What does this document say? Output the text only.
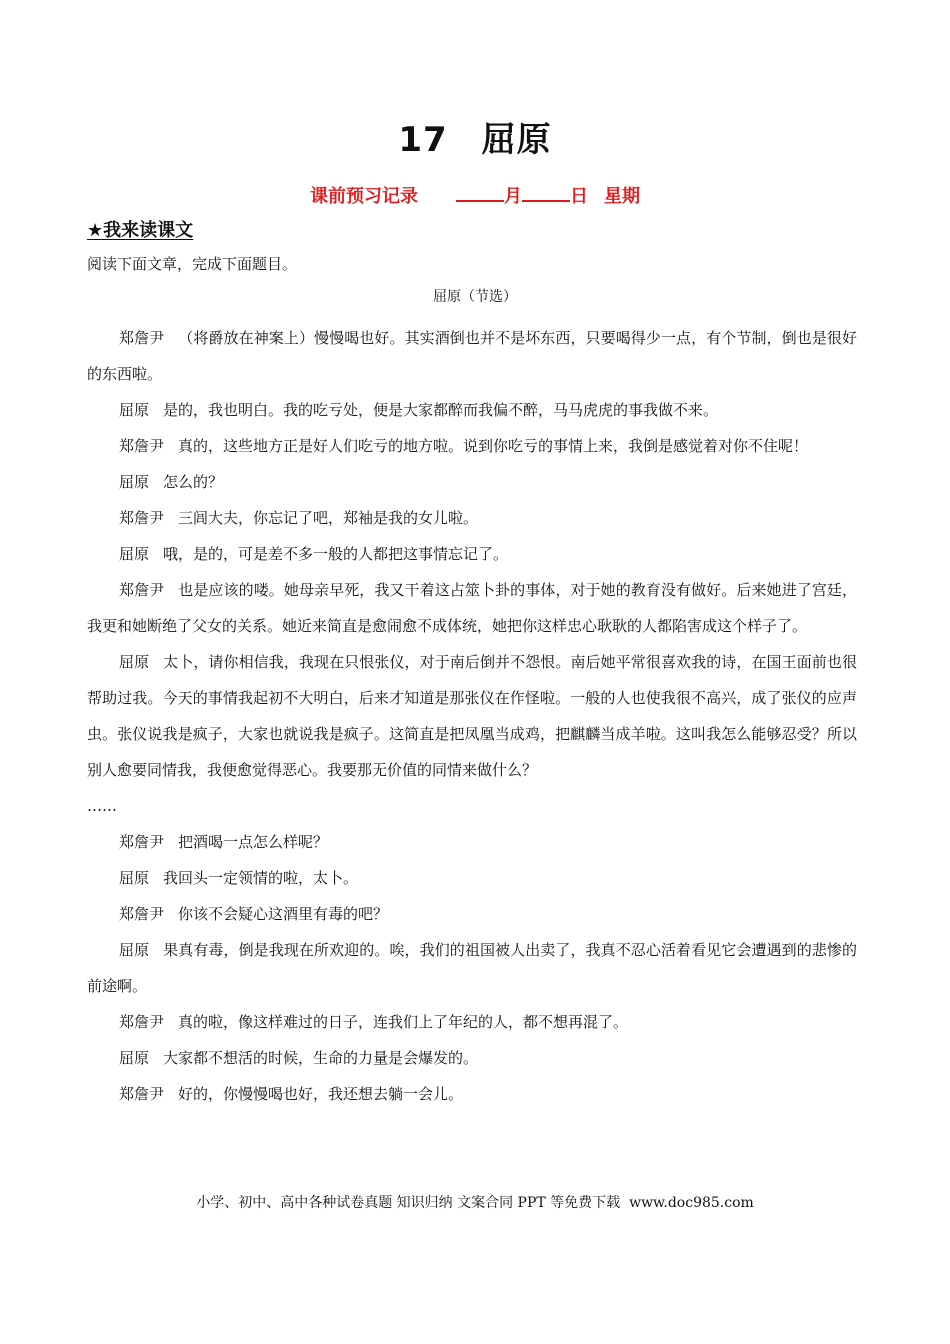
17 屈原
课前预习记录	月	日 星期
★我来读课文
阅读下面文章，完成下面题目。
屈原（节选）

郑詹尹 （将爵放在神案上）慢慢喝也好。其实酒倒也并不是坏东西，只要喝得少一点，有个节制，倒也是很好的东西啦。

屈原 是的，我也明白。我的吃亏处，便是大家都醉而我偏不醉，马马虎虎的事我做不来。

郑詹尹 真的，这些地方正是好人们吃亏的地方啦。说到你吃亏的事情上来，我倒是感觉着对你不住呢！

屈原 怎么的？

郑詹尹 三闾大夫，你忘记了吧，郑袖是我的女儿啦。

屈原 哦，是的，可是差不多一般的人都把这事情忘记了。

郑詹尹 也是应该的喽。她母亲早死，我又干着这占筮卜卦的事体，对于她的教育没有做好。后来她进了宫廷，我更和她断绝了父女的关系。她近来简直是愈闹愈不成体统，她把你这样忠心耿耿的人都陷害成这个样子了。

屈原 太卜，请你相信我，我现在只恨张仪，对于南后倒并不怨恨。南后她平常很喜欢我的诗，在国王面前也很帮助过我。今天的事情我起初不大明白，后来才知道是那张仪在作怪啦。一般的人也使我很不高兴，成了张仪的应声虫。张仪说我是疯子，大家也就说我是疯子。这简直是把凤凰当成鸡，把麒麟当成羊啦。这叫我怎么能够忍受？所以别人愈要同情我，我便愈觉得恶心。我要那无价值的同情来做什么？

……

郑詹尹 把酒喝一点怎么样呢？

屈原 我回头一定领情的啦，太卜。

郑詹尹 你该不会疑心这酒里有毒的吧？

屈原 果真有毒，倒是我现在所欢迎的。唉，我们的祖国被人出卖了，我真不忍心活着看见它会遭遇到的悲惨的前途啊。

郑詹尹 真的啦，像这样难过的日子，连我们上了年纪的人，都不想再混了。

屈原 大家都不想活的时候，生命的力量是会爆发的。

郑詹尹 好的，你慢慢喝也好，我还想去躺一会儿。

小学、初中、高中各种试卷真题 知识归纳 文案合同 PPT 等免费下载 www.doc985.com
